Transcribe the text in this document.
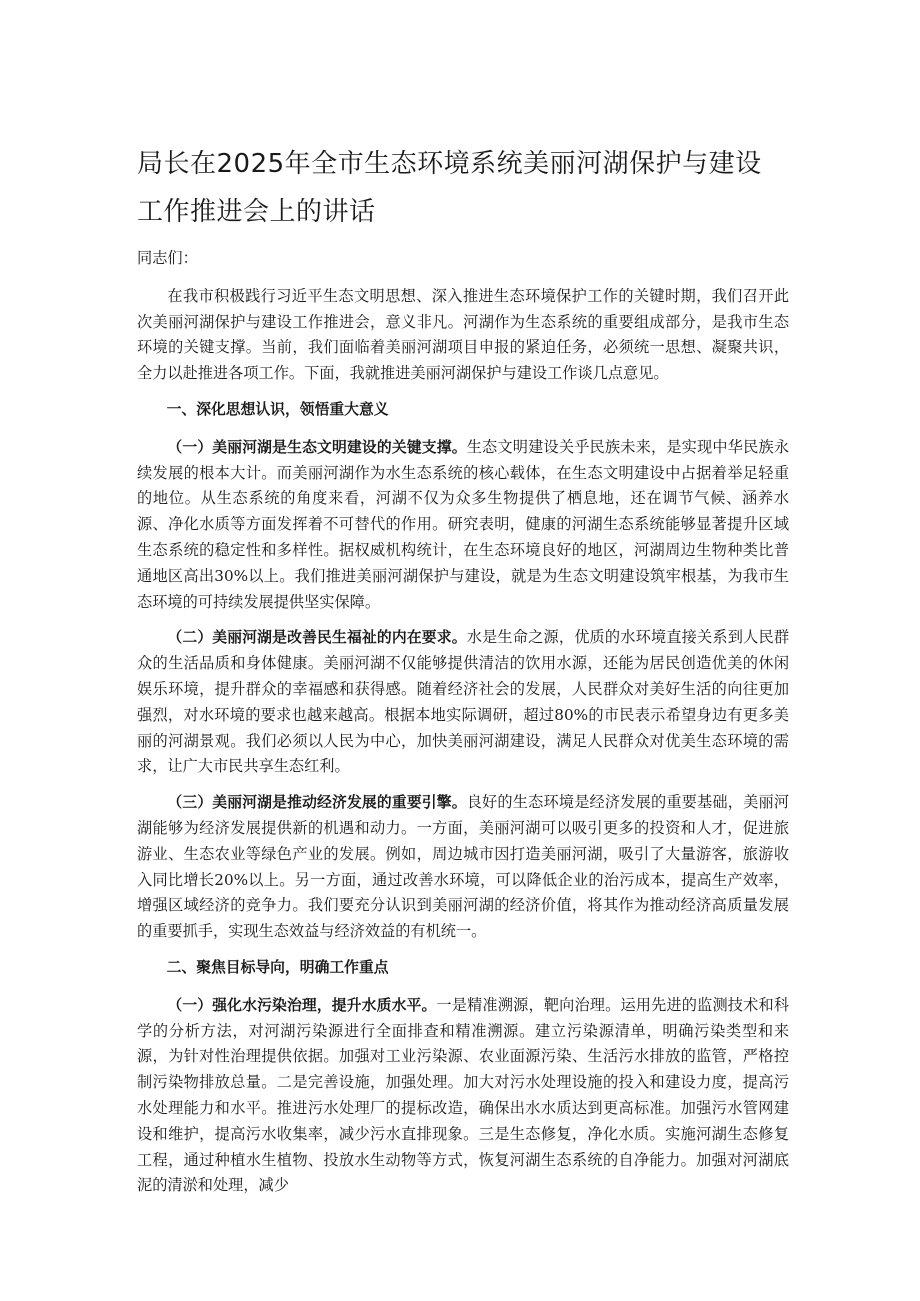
局长在2025年全市生态环境系统美丽河湖保护与建设工作推进会上的讲话

同志们：

在我市积极践行习近平生态文明思想、深入推进生态环境保护工作的关键时期，我们召开此次美丽河湖保护与建设工作推进会，意义非凡。河湖作为生态系统的重要组成部分，是我市生态环境的关键支撑。当前，我们面临着美丽河湖项目申报的紧迫任务，必须统一思想、凝聚共识，全力以赴推进各项工作。下面，我就推进美丽河湖保护与建设工作谈几点意见。

一、深化思想认识，领悟重大意义

（一）美丽河湖是生态文明建设的关键支撑。生态文明建设关乎民族未来，是实现中华民族永续发展的根本大计。而美丽河湖作为水生态系统的核心载体，在生态文明建设中占据着举足轻重的地位。从生态系统的角度来看，河湖不仅为众多生物提供了栖息地，还在调节气候、涵养水源、净化水质等方面发挥着不可替代的作用。研究表明，健康的河湖生态系统能够显著提升区域生态系统的稳定性和多样性。据权威机构统计，在生态环境良好的地区，河湖周边生物种类比普通地区高出30%以上。我们推进美丽河湖保护与建设，就是为生态文明建设筑牢根基，为我市生态环境的可持续发展提供坚实保障。

（二）美丽河湖是改善民生福祉的内在要求。水是生命之源，优质的水环境直接关系到人民群众的生活品质和身体健康。美丽河湖不仅能够提供清洁的饮用水源，还能为居民创造优美的休闲娱乐环境，提升群众的幸福感和获得感。随着经济社会的发展，人民群众对美好生活的向往更加强烈，对水环境的要求也越来越高。根据本地实际调研，超过80%的市民表示希望身边有更多美丽的河湖景观。我们必须以人民为中心，加快美丽河湖建设，满足人民群众对优美生态环境的需求，让广大市民共享生态红利。

（三）美丽河湖是推动经济发展的重要引擎。良好的生态环境是经济发展的重要基础，美丽河湖能够为经济发展提供新的机遇和动力。一方面，美丽河湖可以吸引更多的投资和人才，促进旅游业、生态农业等绿色产业的发展。例如，周边城市因打造美丽河湖，吸引了大量游客，旅游收入同比增长20%以上。另一方面，通过改善水环境，可以降低企业的治污成本，提高生产效率，增强区域经济的竞争力。我们要充分认识到美丽河湖的经济价值，将其作为推动经济高质量发展的重要抓手，实现生态效益与经济效益的有机统一。

二、聚焦目标导向，明确工作重点

（一）强化水污染治理，提升水质水平。一是精准溯源，靶向治理。运用先进的监测技术和科学的分析方法，对河湖污染源进行全面排查和精准溯源。建立污染源清单，明确污染类型和来源，为针对性治理提供依据。加强对工业污染源、农业面源污染、生活污水排放的监管，严格控制污染物排放总量。二是完善设施，加强处理。加大对污水处理设施的投入和建设力度，提高污水处理能力和水平。推进污水处理厂的提标改造，确保出水水质达到更高标准。加强污水管网建设和维护，提高污水收集率，减少污水直排现象。三是生态修复，净化水质。实施河湖生态修复工程，通过种植水生植物、投放水生动物等方式，恢复河湖生态系统的自净能力。加强对河湖底泥的清淤和处理，减少
